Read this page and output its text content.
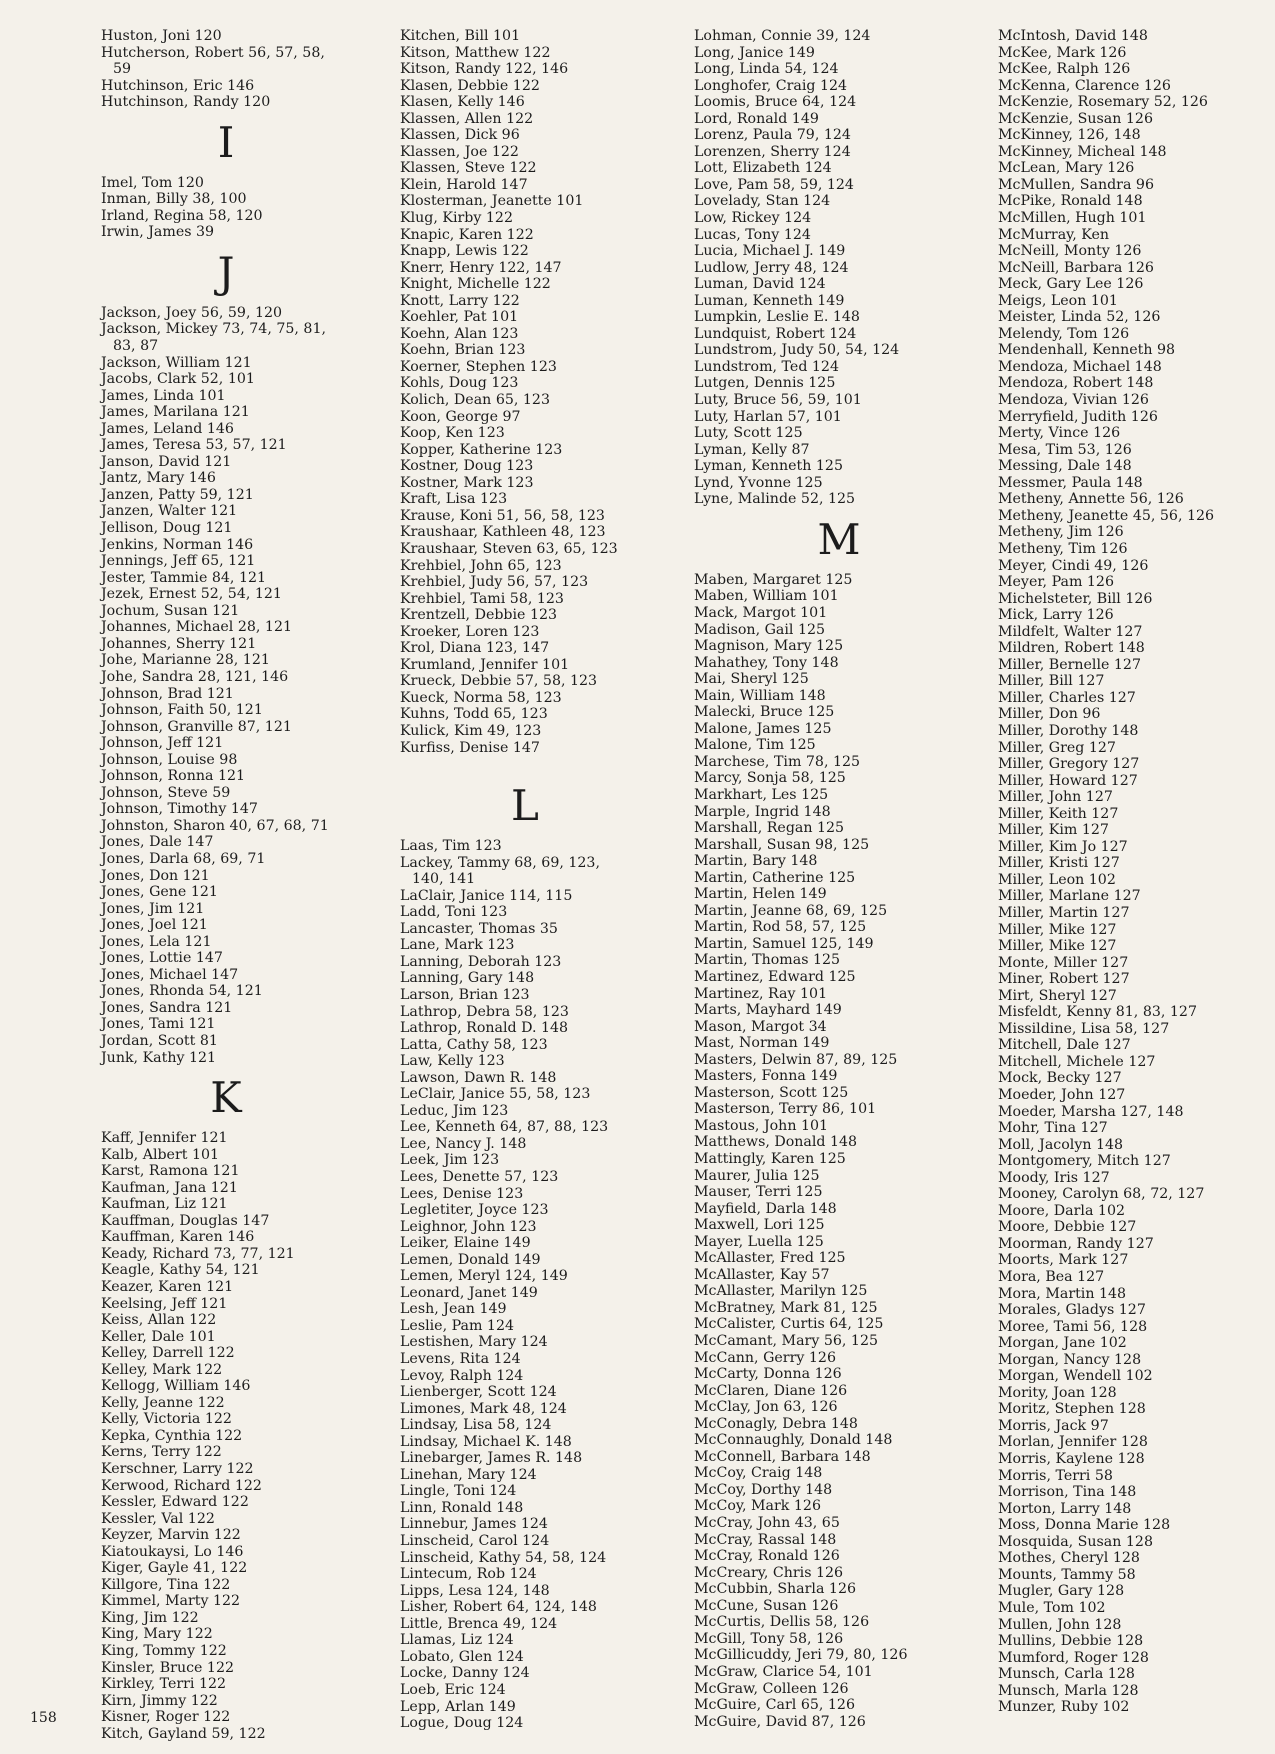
Huston, Joni 120
Hutcherson, Robert 56, 57, 58,
59
Hutchinson, Eric 146
Hutchinson, Randy 120
I
Imel, Tom 120
Inman, Billy 38, 100
Irland, Regina 58, 120
Irwin, James 39
J
Jackson, Joey 56, 59, 120
Jackson, Mickey 73, 74, 75, 81,
83, 87
Jackson, William 121
Jacobs, Clark 52, 101
James, Linda 101
James, Marilana 121
James, Leland 146
James, Teresa 53, 57, 121
Janson, David 121
Jantz, Mary 146
Janzen, Patty 59, 121
Janzen, Walter 121
Jellison, Doug 121
Jenkins, Norman 146
Jennings, Jeff 65, 121
Jester, Tammie 84, 121
Jezek, Ernest 52, 54, 121
Jochum, Susan 121
Johannes, Michael 28, 121
Johannes, Sherry 121
Johe, Marianne 28, 121
Johe, Sandra 28, 121, 146
Johnson, Brad 121
Johnson, Faith 50, 121
Johnson, Granville 87, 121
Johnson, Jeff 121
Johnson, Louise 98
Johnson, Ronna 121
Johnson, Steve 59
Johnson, Timothy 147
Johnston, Sharon 40, 67, 68, 71
Jones, Dale 147
Jones, Darla 68, 69, 71
Jones, Don 121
Jones, Gene 121
Jones, Jim 121
Jones, Joel 121
Jones, Lela 121
Jones, Lottie 147
Jones, Michael 147
Jones, Rhonda 54, 121
Jones, Sandra 121
Jones, Tami 121
Jordan, Scott 81
Junk, Kathy 121
K
Kaff, Jennifer 121
Kalb, Albert 101
Karst, Ramona 121
Kaufman, Jana 121
Kaufman, Liz 121
Kauffman, Douglas 147
Kauffman, Karen 146
Keady, Richard 73, 77, 121
Keagle, Kathy 54, 121
Keazer, Karen 121
Keelsing, Jeff 121
Keiss, Allan 122
Keller, Dale 101
Kelley, Darrell 122
Kelley, Mark 122
Kellogg, William 146
Kelly, Jeanne 122
Kelly, Victoria 122
Kepka, Cynthia 122
Kerns, Terry 122
Kerschner, Larry 122
Kerwood, Richard 122
Kessler, Edward 122
Kessler, Val 122
Keyzer, Marvin 122
Kiatoukaysi, Lo 146
Kiger, Gayle 41, 122
Killgore, Tina 122
Kimmel, Marty 122
King, Jim 122
King, Mary 122
King, Tommy 122
Kinsler, Bruce 122
Kirkley, Terri 122
Kirn, Jimmy 122
Kisner, Roger 122
Kitch, Gayland 59, 122
Kitchen, Bill 101
Kitson, Matthew 122
Kitson, Randy 122, 146
Klasen, Debbie 122
Klasen, Kelly 146
Klassen, Allen 122
Klassen, Dick 96
Klassen, Joe 122
Klassen, Steve 122
Klein, Harold 147
Klosterman, Jeanette 101
Klug, Kirby 122
Knapic, Karen 122
Knapp, Lewis 122
Knerr, Henry 122, 147
Knight, Michelle 122
Knott, Larry 122
Koehler, Pat 101
Koehn, Alan 123
Koehn, Brian 123
Koerner, Stephen 123
Kohls, Doug 123
Kolich, Dean 65, 123
Koon, George 97
Koop, Ken 123
Kopper, Katherine 123
Kostner, Doug 123
Kostner, Mark 123
Kraft, Lisa 123
Krause, Koni 51, 56, 58, 123
Kraushaar, Kathleen 48, 123
Kraushaar, Steven 63, 65, 123
Krehbiel, John 65, 123
Krehbiel, Judy 56, 57, 123
Krehbiel, Tami 58, 123
Krentzell, Debbie 123
Kroeker, Loren 123
Krol, Diana 123, 147
Krumland, Jennifer 101
Krueck, Debbie 57, 58, 123
Kueck, Norma 58, 123
Kuhns, Todd 65, 123
Kulick, Kim 49, 123
Kurfiss, Denise 147
L
Laas, Tim 123
Lackey, Tammy 68, 69, 123,
140, 141
LaClair, Janice 114, 115
Ladd, Toni 123
Lancaster, Thomas 35
Lane, Mark 123
Lanning, Deborah 123
Lanning, Gary 148
Larson, Brian 123
Lathrop, Debra 58, 123
Lathrop, Ronald D. 148
Latta, Cathy 58, 123
Law, Kelly 123
Lawson, Dawn R. 148
LeClair, Janice 55, 58, 123
Leduc, Jim 123
Lee, Kenneth 64, 87, 88, 123
Lee, Nancy J. 148
Leek, Jim 123
Lees, Denette 57, 123
Lees, Denise 123
Legletiter, Joyce 123
Leighnor, John 123
Leiker, Elaine 149
Lemen, Donald 149
Lemen, Meryl 124, 149
Leonard, Janet 149
Lesh, Jean 149
Leslie, Pam 124
Lestishen, Mary 124
Levens, Rita 124
Levoy, Ralph 124
Lienberger, Scott 124
Limones, Mark 48, 124
Lindsay, Lisa 58, 124
Lindsay, Michael K. 148
Linebarger, James R. 148
Linehan, Mary 124
Lingle, Toni 124
Linn, Ronald 148
Linnebur, James 124
Linscheid, Carol 124
Linscheid, Kathy 54, 58, 124
Lintecum, Rob 124
Lipps, Lesa 124, 148
Lisher, Robert 64, 124, 148
Little, Brenca 49, 124
Llamas, Liz 124
Lobato, Glen 124
Locke, Danny 124
Loeb, Eric 124
Lepp, Arlan 149
Logue, Doug 124
Lohman, Connie 39, 124
Long, Janice 149
Long, Linda 54, 124
Longhofer, Craig 124
Loomis, Bruce 64, 124
Lord, Ronald 149
Lorenz, Paula 79, 124
Lorenzen, Sherry 124
Lott, Elizabeth 124
Love, Pam 58, 59, 124
Lovelady, Stan 124
Low, Rickey 124
Lucas, Tony 124
Lucia, Michael J. 149
Ludlow, Jerry 48, 124
Luman, David 124
Luman, Kenneth 149
Lumpkin, Leslie E. 148
Lundquist, Robert 124
Lundstrom, Judy 50, 54, 124
Lundstrom, Ted 124
Lutgen, Dennis 125
Luty, Bruce 56, 59, 101
Luty, Harlan 57, 101
Luty, Scott 125
Lyman, Kelly 87
Lyman, Kenneth 125
Lynd, Yvonne 125
Lyne, Malinde 52, 125
M
Maben, Margaret 125
Maben, William 101
Mack, Margot 101
Madison, Gail 125
Magnison, Mary 125
Mahathey, Tony 148
Mai, Sheryl 125
Main, William 148
Malecki, Bruce 125
Malone, James 125
Malone, Tim 125
Marchese, Tim 78, 125
Marcy, Sonja 58, 125
Markhart, Les 125
Marple, Ingrid 148
Marshall, Regan 125
Marshall, Susan 98, 125
Martin, Bary 148
Martin, Catherine 125
Martin, Helen 149
Martin, Jeanne 68, 69, 125
Martin, Rod 58, 57, 125
Martin, Samuel 125, 149
Martin, Thomas 125
Martinez, Edward 125
Martinez, Ray 101
Marts, Mayhard 149
Mason, Margot 34
Mast, Norman 149
Masters, Delwin 87, 89, 125
Masters, Fonna 149
Masterson, Scott 125
Masterson, Terry 86, 101
Mastous, John 101
Matthews, Donald 148
Mattingly, Karen 125
Maurer, Julia 125
Mauser, Terri 125
Mayfield, Darla 148
Maxwell, Lori 125
Mayer, Luella 125
McAllaster, Fred 125
McAllaster, Kay 57
McAllaster, Marilyn 125
McBratney, Mark 81, 125
McCalister, Curtis 64, 125
McCamant, Mary 56, 125
McCann, Gerry 126
McCarty, Donna 126
McClaren, Diane 126
McClay, Jon 63, 126
McConagly, Debra 148
McConnaughly, Donald 148
McConnell, Barbara 148
McCoy, Craig 148
McCoy, Dorthy 148
McCoy, Mark 126
McCray, John 43, 65
McCray, Rassal 148
McCray, Ronald 126
McCreary, Chris 126
McCubbin, Sharla 126
McCune, Susan 126
McCurtis, Dellis 58, 126
McGill, Tony 58, 126
McGillicuddy, Jeri 79, 80, 126
McGraw, Clarice 54, 101
McGraw, Colleen 126
McGuire, Carl 65, 126
McGuire, David 87, 126
McIntosh, David 148
McKee, Mark 126
McKee, Ralph 126
McKenna, Clarence 126
McKenzie, Rosemary 52, 126
McKenzie, Susan 126
McKinney, 126, 148
McKinney, Micheal 148
McLean, Mary 126
McMullen, Sandra 96
McPike, Ronald 148
McMillen, Hugh 101
McMurray, Ken
McNeill, Monty 126
McNeill, Barbara 126
Meck, Gary Lee 126
Meigs, Leon 101
Meister, Linda 52, 126
Melendy, Tom 126
Mendenhall, Kenneth 98
Mendoza, Michael 148
Mendoza, Robert 148
Mendoza, Vivian 126
Merryfield, Judith 126
Merty, Vince 126
Mesa, Tim 53, 126
Messing, Dale 148
Messmer, Paula 148
Metheny, Annette 56, 126
Metheny, Jeanette 45, 56, 126
Metheny, Jim 126
Metheny, Tim 126
Meyer, Cindi 49, 126
Meyer, Pam 126
Michelsteter, Bill 126
Mick, Larry 126
Mildfelt, Walter 127
Mildren, Robert 148
Miller, Bernelle 127
Miller, Bill 127
Miller, Charles 127
Miller, Don 96
Miller, Dorothy 148
Miller, Greg 127
Miller, Gregory 127
Miller, Howard 127
Miller, John 127
Miller, Keith 127
Miller, Kim 127
Miller, Kim Jo 127
Miller, Kristi 127
Miller, Leon 102
Miller, Marlane 127
Miller, Martin 127
Miller, Mike 127
Miller, Mike 127
Monte, Miller 127
Miner, Robert 127
Mirt, Sheryl 127
Misfeldt, Kenny 81, 83, 127
Missildine, Lisa 58, 127
Mitchell, Dale 127
Mitchell, Michele 127
Mock, Becky 127
Moeder, John 127
Moeder, Marsha 127, 148
Mohr, Tina 127
Moll, Jacolyn 148
Montgomery, Mitch 127
Moody, Iris 127
Mooney, Carolyn 68, 72, 127
Moore, Darla 102
Moore, Debbie 127
Moorman, Randy 127
Moorts, Mark 127
Mora, Bea 127
Mora, Martin 148
Morales, Gladys 127
Moree, Tami 56, 128
Morgan, Jane 102
Morgan, Nancy 128
Morgan, Wendell 102
Mority, Joan 128
Moritz, Stephen 128
Morris, Jack 97
Morlan, Jennifer 128
Morris, Kaylene 128
Morris, Terri 58
Morrison, Tina 148
Morton, Larry 148
Moss, Donna Marie 128
Mosquida, Susan 128
Mothes, Cheryl 128
Mounts, Tammy 58
Mugler, Gary 128
Mule, Tom 102
Mullen, John 128
Mullins, Debbie 128
Mumford, Roger 128
Munsch, Carla 128
Munsch, Marla 128
Munzer, Ruby 102
158
